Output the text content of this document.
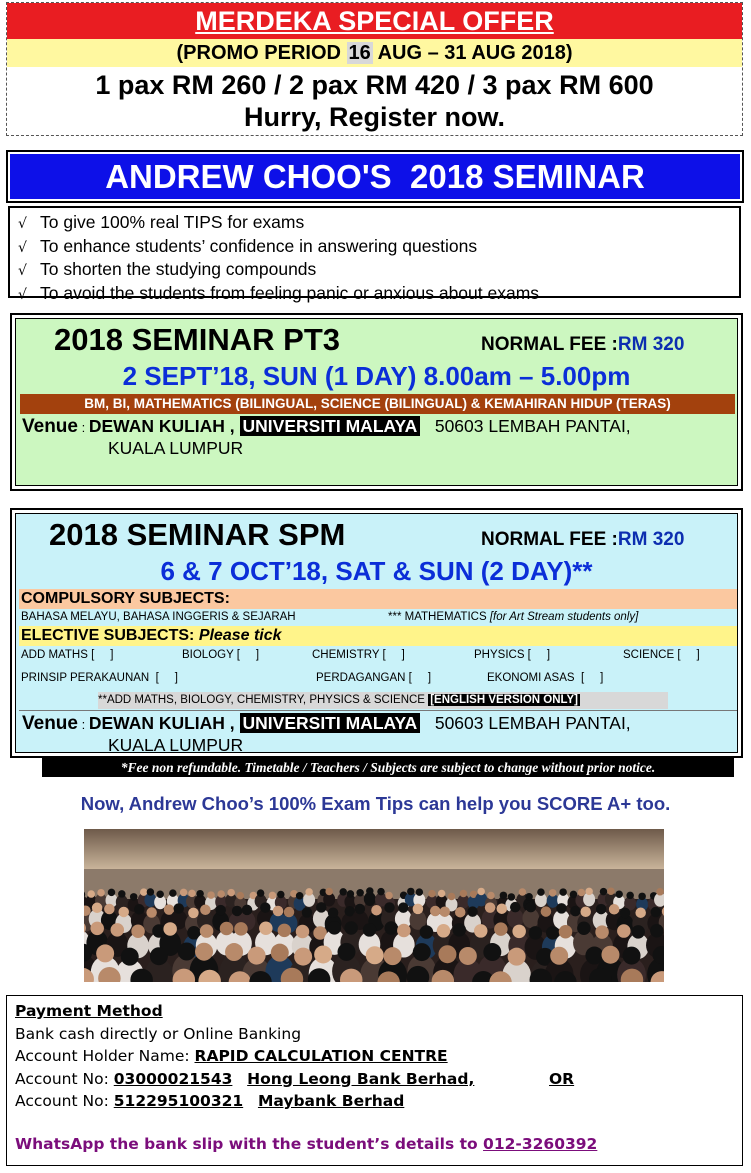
MERDEKA SPECIAL OFFER
(PROMO PERIOD 16 AUG – 31 AUG 2018)
1 pax RM 260 / 2 pax RM 420 / 3 pax RM 600
Hurry, Register now.
ANDREW CHOO'S  2018 SEMINAR
√ To give 100% real TIPS for exams
√ To enhance students’ confidence in answering questions
√ To shorten the studying compounds
√ To avoid the students from feeling panic or anxious about exams
2018 SEMINAR PT3	NORMAL FEE :RM 320
2 SEPT’18, SUN (1 DAY) 8.00am – 5.00pm
BM, BI, MATHEMATICS (BILINGUAL, SCIENCE (BILINGUAL) & KEMAHIRAN HIDUP (TERAS)
Venue : DEWAN KULIAH , UNIVERSITI MALAYA 50603 LEMBAH PANTAI,
KUALA LUMPUR
2018 SEMINAR SPM	NORMAL FEE :RM 320
6 & 7 OCT’18, SAT & SUN (2 DAY)**
COMPULSORY SUBJECTS:
BAHASA MELAYU, BAHASA INGGERIS & SEJARAH	*** MATHEMATICS [for Art Stream students only]
ELECTIVE SUBJECTS: Please tick
ADD MATHS [     ]	BIOLOGY [     ]	CHEMISTRY [     ]	PHYSICS [     ]	SCIENCE [     ]
PRINSIP PERAKAUNAN  [     ]	PERDAGANGAN [     ]	EKONOMI ASAS  [     ]
**ADD MATHS, BIOLOGY, CHEMISTRY, PHYSICS & SCIENCE [ENGLISH VERSION ONLY]
Venue : DEWAN KULIAH , UNIVERSITI MALAYA 50603 LEMBAH PANTAI,
KUALA LUMPUR
*Fee non refundable. Timetable / Teachers / Subjects are subject to change without prior notice.
Now, Andrew Choo’s 100% Exam Tips can help you SCORE A+ too.
Payment Method
Bank cash directly or Online Banking
Account Holder Name: RAPID CALCULATION CENTRE
Account No: 03000021543 Hong Leong Bank Berhad,	OR
Account No: 512295100321 Maybank Berhad
WhatsApp the bank slip with the student’s details to 012-3260392
